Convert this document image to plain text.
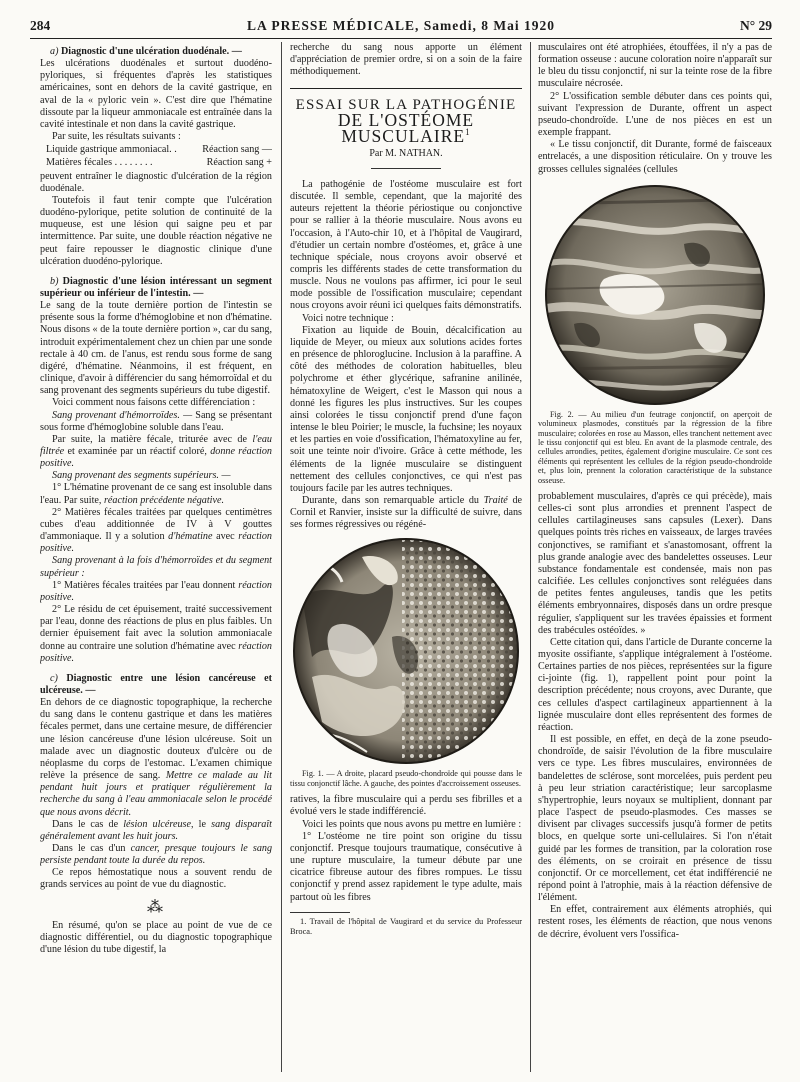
284	LA PRESSE MÉDICALE, Samedi, 8 Mai 1920	N° 29

a) Diagnostic d'une ulcération duodénale. —

Les ulcérations duodénales et surtout duodéno-pyloriques, si fréquentes d'après les statistiques américaines, sont en dehors de la cavité gastrique, en aval de la « pyloric vein ». C'est dire que l'hématine dissoute par la liqueur ammoniacale est entraînée dans la cavité intestinale et non dans la cavité gastrique.

Par suite, les résultats suivants :

Liquide gastrique ammoniacal. .	Réaction sang —
Matières fécales . . . . . . . .	Réaction sang +

peuvent entraîner le diagnostic d'ulcération de la région duodénale.

Toutefois il faut tenir compte que l'ulcération duodéno-pylorique, petite solution de continuité de la muqueuse, est une lésion qui saigne peu et par intermittence. Par suite, une double réaction négative ne peut faire repousser le diagnostic clinique d'une ulcération duodéno-pylorique.

b) Diagnostic d'une lésion intéressant un segment supérieur ou inférieur de l'intestin. —

Le sang de la toute dernière portion de l'intestin se présente sous la forme d'hémoglobine et non d'hématine. Nous disons « de la toute dernière portion », car du sang, introduit expérimentalement chez un chien par une sonde rectale à 40 cm. de l'anus, est rendu sous forme de sang digéré, d'hématine. Néanmoins, il est fréquent, en clinique, d'avoir à différencier du sang hémorroïdal et du sang provenant des segments supérieurs du tube digestif.

Voici comment nous faisons cette différenciation :

Sang provenant d'hémorroïdes. — Sang se présentant sous forme d'hémoglobine soluble dans l'eau.

Par suite, la matière fécale, triturée avec de l'eau filtrée et examinée par un réactif coloré, donne réaction positive.

Sang provenant des segments supérieurs. —

1° L'hématine provenant de ce sang est insoluble dans l'eau. Par suite, réaction précédente négative.

2° Matières fécales traitées par quelques centimètres cubes d'eau additionnée de IV à V gouttes d'ammoniaque. Il y a solution d'hématine avec réaction positive.

Sang provenant à la fois d'hémorroïdes et du segment supérieur :

1° Matières fécales traitées par l'eau donnent réaction positive.

2° Le résidu de cet épuisement, traité successivement par l'eau, donne des réactions de plus en plus faibles. Un dernier épuisement fait avec la solution ammoniacale donne au contraire une solution d'hématine avec réaction positive.

c) Diagnostic entre une lésion cancéreuse et ulcéreuse. —

En dehors de ce diagnostic topographique, la recherche du sang dans le contenu gastrique et dans les matières fécales permet, dans une certaine mesure, de différencier une lésion cancéreuse d'une lésion ulcéreuse. Soit un malade avec un diagnostic douteux d'ulcère ou de néoplasme du corps de l'estomac. L'examen chimique relève la présence de sang. Mettre ce malade au lit pendant huit jours et pratiquer régulièrement la recherche du sang à l'eau ammoniacale selon le procédé que nous avons décrit.

Dans le cas de lésion ulcéreuse, le sang disparaît généralement avant les huit jours.

Dans le cas d'un cancer, presque toujours le sang persiste pendant toute la durée du repos.

Ce repos hémostatique nous a souvent rendu de grands services au point de vue du diagnostic.

⁂

En résumé, qu'on se place au point de vue de ce diagnostic différentiel, ou du diagnostic topographique d'une lésion du tube digestif, la

recherche du sang nous apporte un élément d'appréciation de premier ordre, si on a soin de la faire méthodiquement.

ESSAI SUR LA PATHOGÉNIE
DE L'OSTÉOME MUSCULAIRE$^1$
Par M. NATHAN.

La pathogénie de l'ostéome musculaire est fort discutée. Il semble, cependant, que la majorité des auteurs rejettent la théorie périostique ou conjonctive pour se rallier à la théorie musculaire. Nous avons eu l'occasion, à l'Auto-chir 10, et à l'hôpital de Vaugirard, d'étudier un certain nombre d'ostéomes, et, grâce à une technique spéciale, nous croyons avoir observé et compris les différents stades de cette transformation du muscle. Nous ne voulons pas affirmer, ici pour le seul mode possible de l'ossification musculaire; cependant nous croyons avoir réuni ici quelques faits démonstratifs.

Voici notre technique :

Fixation au liquide de Bouin, décalcification au liquide de Meyer, ou mieux aux solutions acides fortes en présence de phloroglucine. Inclusion à la paraffine. A côté des méthodes de coloration habituelles, bleu polychrome et éther glycérique, safranine anilinée, hématoxyline de Weigert, c'est le Masson qui nous a donné les figures les plus instructives. Sur les coupes ainsi colorées le tissu conjonctif prend d'une façon intense le bleu Poirier; le muscle, la fuchsine; les noyaux et les parties en voie d'ossification, l'hématoxyline au fer, soit une teinte noir d'ivoire. Grâce à cette méthode, les éléments de la lignée musculaire se distinguent nettement des cellules conjonctives, ce qui n'est pas toujours facile par les autres techniques.

Durante, dans son remarquable article du Traité de Cornil et Ranvier, insiste sur la difficulté de suivre, dans ses formes régressives ou régéné-

Fig. 1. — A droite, placard pseudo-chondroïde qui pousse dans le tissu conjonctif lâche. A gauche, des pointes d'accroissement osseuses.

ratives, la fibre musculaire qui a perdu ses fibrilles et a évolué vers le stade indifférencié.

Voici les points que nous avons pu mettre en lumière :

1° L'ostéome ne tire point son origine du tissu conjonctif. Presque toujours traumatique, consécutive à une rupture musculaire, la tumeur débute par une cicatrice fibreuse autour des fibres rompues. Le tissu conjonctif y prend assez rapidement le type adulte, mais partout où les fibres

1. Travail de l'hôpital de Vaugirard et du service du Professeur Broca.

musculaires ont été atrophiées, étouffées, il n'y a pas de formation osseuse : aucune coloration noire n'apparaît sur le bleu du tissu conjonctif, ni sur la teinte rose de la fibre musculaire nécrosée.

2° L'ossification semble débuter dans ces points qui, suivant l'expression de Durante, offrent un aspect pseudo-chondroïde. L'une de nos pièces en est un exemple frappant.

« Le tissu conjonctif, dit Durante, formé de faisceaux entrelacés, a une disposition réticulaire. On y trouve les grosses cellules signalées (cellules

Fig. 2. — Au milieu d'un feutrage conjonctif, on aperçoit de volumineux plasmodes, constitués par la régression de la fibre musculaire; colorées en rose au Masson, elles tranchent nettement avec le tissu conjonctif qui est bleu. En avant de la plasmode centrale, des cellules arrondies, petites, également d'origine musculaire. Ce sont ces éléments qui représentent les cellules de la région pseudo-chondroïde et, plus loin, prennent la coloration caractéristique de la substance osseuse.

probablement musculaires, d'après ce qui précède), mais celles-ci sont plus arrondies et prennent l'aspect de cellules cartilagineuses sans capsules (Lexer). Dans quelques points très riches en vaisseaux, de larges travées conjonctives, se ramifiant et s'anastomosant, offrent la plus grande analogie avec des bandelettes osseuses. Leur substance fondamentale est condensée, mais non pas calcifiée. Les cellules conjonctives sont reléguées dans de petites fentes anguleuses, tandis que les petits éléments embryonnaires, disposés dans un ordre presque régulier, s'appliquent sur les travées épaissies et forment des trabécules ostéoïdes. »

Cette citation qui, dans l'article de Durante concerne la myosite ossifiante, s'applique intégralement à l'ostéome. Certaines parties de nos pièces, représentées sur la figure ci-jointe (fig. 1), rappellent point pour point la description précédente; nous croyons, avec Durante, que ces cellules d'aspect cartilagineux appartiennent à la lignée musculaire dont elles représentent des formes de réaction.

Il est possible, en effet, en deçà de la zone pseudo-chondroïde, de saisir l'évolution de la fibre musculaire vers ce type. Les fibres musculaires, environnées de bandelettes de sclérose, sont morcelées, puis perdent peu à peu leur striation caractéristique; leur sarcoplasme s'hypertrophie, leurs noyaux se multiplient, donnant par place l'aspect de pseudo-plasmodes. Ces masses se divisent par clivages successifs jusqu'à former de petits blocs, en quelque sorte uni-cellulaires. Si l'on n'était guidé par les formes de transition, par la coloration rose des éléments, on se croirait en présence de tissu conjonctif. Or ce morcellement, cet état indifférencié ne répond point à l'atrophie, mais à la réaction défensive de l'élément.

En effet, contrairement aux éléments atrophiés, qui restent roses, les éléments de réaction, que nous venons de décrire, évoluent vers l'ossifica-
